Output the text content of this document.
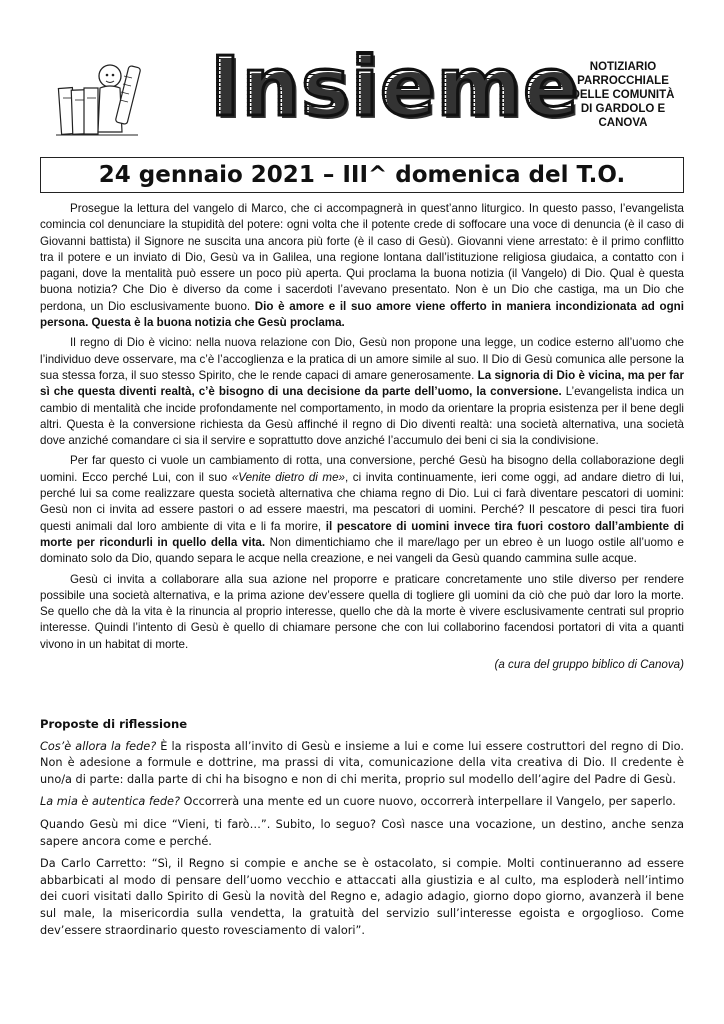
Insieme NOTIZIARIO
PARROCCHIALE
DELLE COMUNITÀ
DI GARDOLO E
CANOVA
24 gennaio 2021 – III^ domenica del T.O.

Prosegue la lettura del vangelo di Marco, che ci accompagnerà in quest’anno liturgico. In questo passo, l’evangelista comincia col denunciare la stupidità del potere: ogni volta che il potente crede di soffocare una voce di denuncia (è il caso di Giovanni battista) il Signore ne suscita una ancora più forte (è il caso di Gesù). Giovanni viene arrestato: è il primo conflitto tra il potere e un inviato di Dio, Gesù va in Galilea, una regione lontana dall’istituzione religiosa giudaica, a contatto con i pagani, dove la mentalità può essere un poco più aperta. Qui proclama la buona notizia (il Vangelo) di Dio. Qual è questa buona notizia? Che Dio è diverso da come i sacerdoti l’avevano presentato. Non è un Dio che castiga, ma un Dio che perdona, un Dio esclusivamente buono. Dio è amore e il suo amore viene offerto in maniera incondizionata ad ogni persona. Questa è la buona notizia che Gesù proclama.

Il regno di Dio è vicino: nella nuova relazione con Dio, Gesù non propone una legge, un codice esterno all’uomo che l’individuo deve osservare, ma c’è l’accoglienza e la pratica di un amore simile al suo. Il Dio di Gesù comunica alle persone la sua stessa forza, il suo stesso Spirito, che le rende capaci di amare generosamente. La signoria di Dio è vicina, ma per far sì che questa diventi realtà, c’è bisogno di una decisione da parte dell’uomo, la conversione. L’evangelista indica un cambio di mentalità che incide profondamente nel comportamento, in modo da orientare la propria esistenza per il bene degli altri. Questa è la conversione richiesta da Gesù affinché il regno di Dio diventi realtà: una società alternativa, una società dove anziché comandare ci sia il servire e soprattutto dove anziché l’accumulo dei beni ci sia la condivisione.

Per far questo ci vuole un cambiamento di rotta, una conversione, perché Gesù ha bisogno della collaborazione degli uomini. Ecco perché Lui, con il suo «Venite dietro di me», ci invita continuamente, ieri come oggi, ad andare dietro di lui, perché lui sa come realizzare questa società alternativa che chiama regno di Dio. Lui ci farà diventare pescatori di uomini: Gesù non ci invita ad essere pastori o ad essere maestri, ma pescatori di uomini. Perché? Il pescatore di pesci tira fuori questi animali dal loro ambiente di vita e li fa morire, il pescatore di uomini invece tira fuori costoro dall’ambiente di morte per ricondurli in quello della vita. Non dimentichiamo che il mare/lago per un ebreo è un luogo ostile all’uomo e dominato solo da Dio, quando separa le acque nella creazione, e nei vangeli da Gesù quando cammina sulle acque.

Gesù ci invita a collaborare alla sua azione nel proporre e praticare concretamente uno stile diverso per rendere possibile una società alternativa, e la prima azione dev’essere quella di togliere gli uomini da ciò che può dar loro la morte. Se quello che dà la vita è la rinuncia al proprio interesse, quello che dà la morte è vivere esclusivamente centrati sul proprio interesse. Quindi l’intento di Gesù è quello di chiamare persone che con lui collaborino facendosi portatori di vita a quanti vivono in un habitat di morte.

(a cura del gruppo biblico di Canova)

Proposte di riflessione

Cos’è allora la fede? È la risposta all’invito di Gesù e insieme a lui e come lui essere costruttori del regno di Dio. Non è adesione a formule e dottrine, ma prassi di vita, comunicazione della vita creativa di Dio. Il credente è uno/a di parte: dalla parte di chi ha bisogno e non di chi merita, proprio sul modello dell’agire del Padre di Gesù.

La mia è autentica fede? Occorrerà una mente ed un cuore nuovo, occorrerà interpellare il Vangelo, per saperlo.

Quando Gesù mi dice “Vieni, ti farò…”. Subito, lo seguo? Così nasce una vocazione, un destino, anche senza sapere ancora come e perché.

Da Carlo Carretto: “Sì, il Regno si compie e anche se è ostacolato, si compie. Molti continueranno ad essere abbarbicati al modo di pensare dell’uomo vecchio e attaccati alla giustizia e al culto, ma esploderà nell’intimo dei cuori visitati dallo Spirito di Gesù la novità del Regno e, adagio adagio, giorno dopo giorno, avanzerà il bene sul male, la misericordia sulla vendetta, la gratuità del servizio sull’interesse egoista e orgoglioso. Come dev’essere straordinario questo rovesciamento di valori”.
